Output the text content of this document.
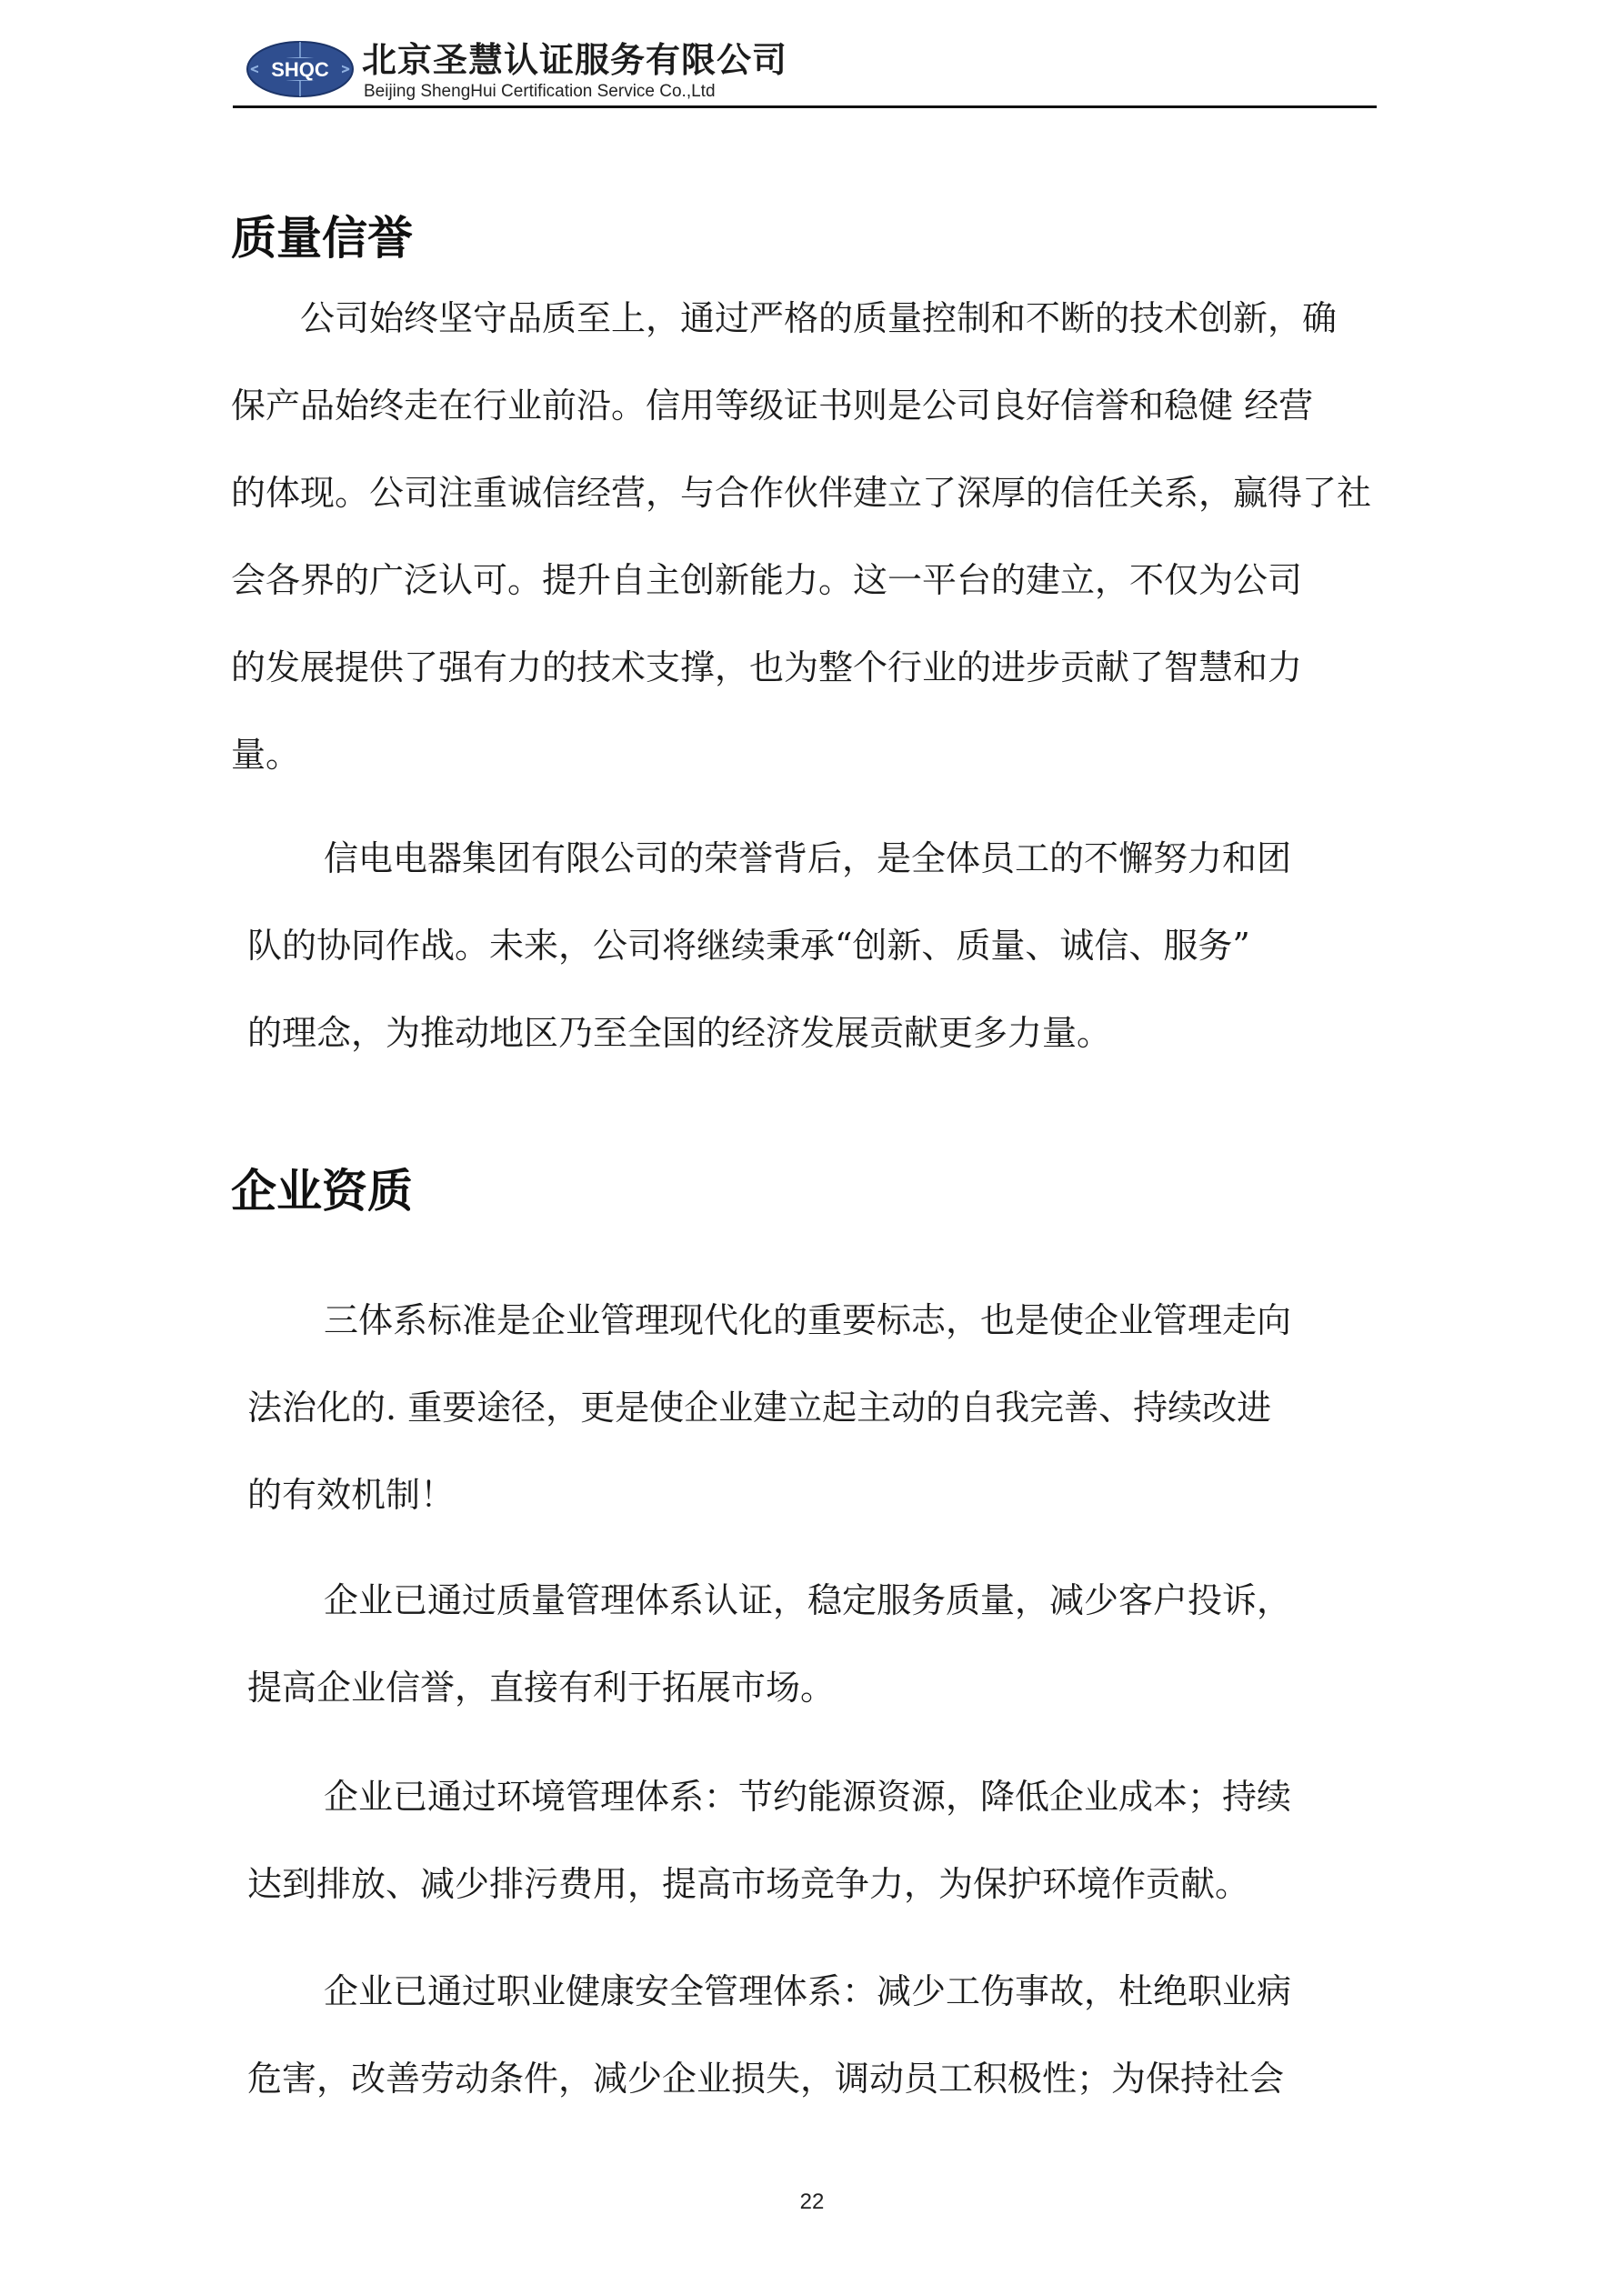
SHQC 北京圣慧认证服务有限公司
Beijing ShengHui Certification Service Co.,Ltd
质量信誉

公司始终坚守品质至上，通过严格的质量控制和不断的技术创新，确

保产品始终走在行业前沿。信用等级证书则是公司良好信誉和稳健 经营

的体现。公司注重诚信经营，与合作伙伴建立了深厚的信任关系，赢得了社

会各界的广泛认可。提升自主创新能力。这一平台的建立，不仅为公司

的发展提供了强有力的技术支撑，也为整个行业的进步贡献了智慧和力

量。

信电电器集团有限公司的荣誉背后，是全体员工的不懈努力和团

队的协同作战。未来，公司将继续秉承“创新、质量、诚信、服务”

的理念，为推动地区乃至全国的经济发展贡献更多力量。

企业资质

三体系标准是企业管理现代化的重要标志，也是使企业管理走向

法治化的. 重要途径，更是使企业建立起主动的自我完善、持续改进

的有效机制！

企业已通过质量管理体系认证，稳定服务质量，减少客户投诉，

提高企业信誉，直接有利于拓展市场。

企业已通过环境管理体系：节约能源资源，降低企业成本；持续

达到排放、减少排污费用，提高市场竞争力，为保护环境作贡献。

企业已通过职业健康安全管理体系：减少工伤事故，杜绝职业病

危害，改善劳动条件，减少企业损失，调动员工积极性；为保持社会

22
